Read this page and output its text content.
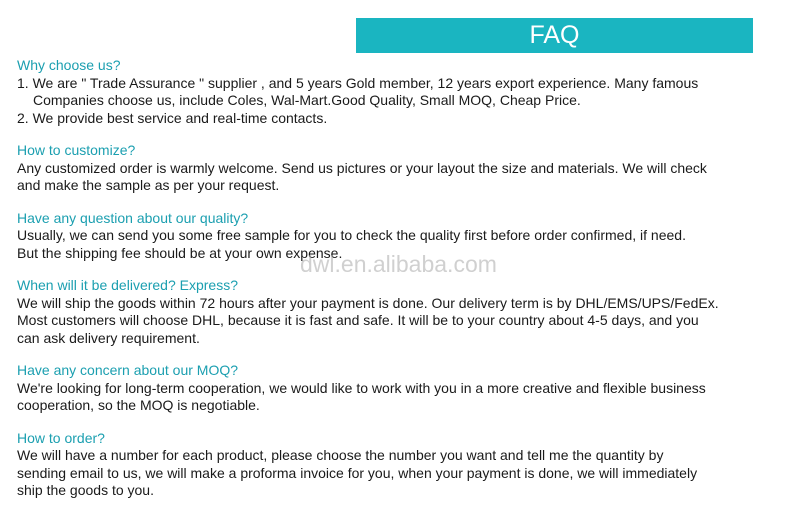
FAQ
Why choose us?
1. We are " Trade Assurance " supplier , and 5 years Gold member, 12 years export experience. Many famous
Companies choose us, include Coles, Wal-Mart.Good Quality, Small MOQ, Cheap Price.
2. We provide best service and real-time contacts.
How to customize?
Any customized order is warmly welcome. Send us pictures or your layout the size and materials. We will check
and make the sample as per your request.
Have any question about our quality?
Usually, we can send you some free sample for you to check the quality first before order confirmed, if need.
But the shipping fee should be at your own expense.
When will it be delivered? Express?
We will ship the goods within 72 hours after your payment is done. Our delivery term is by DHL/EMS/UPS/FedEx.
Most customers will choose DHL, because it is fast and safe. It will be to your country about 4-5 days, and you
can ask delivery requirement.
Have any concern about our MOQ?
We're looking for long-term cooperation, we would like to work with you in a more creative and flexible business
cooperation, so the MOQ is negotiable.
How to order?
We will have a number for each product, please choose the number you want and tell me the quantity by
sending email to us, we will make a proforma invoice for you, when your payment is done, we will immediately
ship the goods to you.
dwl.en.alibaba.com
